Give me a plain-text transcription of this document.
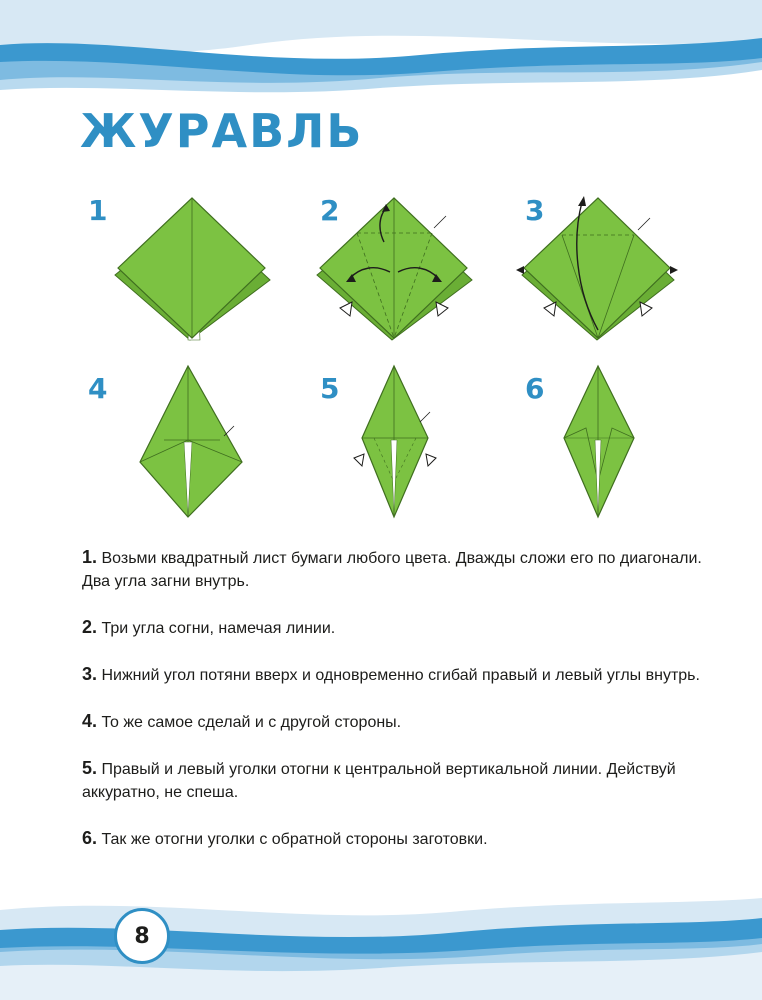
ЖУРАВЛЬ
1	2	3
4	5	6
1. Возьми квадратный лист бумаги любого цвета. Дважды сложи его по диагонали. Два угла загни внутрь.
2. Три угла согни, намечая линии.
3. Нижний угол потяни вверх и одновременно сгибай правый и левый углы внутрь.
4. То же самое сделай и с другой стороны.
5. Правый и левый уголки отогни к центральной вертикальной линии. Действуй аккуратно, не спеша.
6. Так же отогни уголки с обратной стороны заготовки.
8
